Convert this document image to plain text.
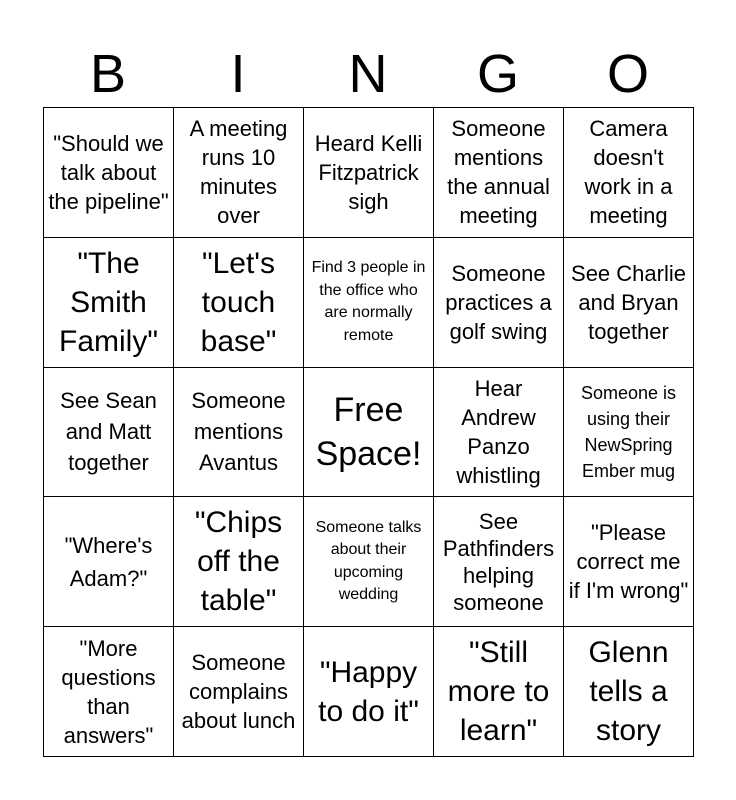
B	I	N	G	O
"Should we talk about the pipeline"	A meeting runs 10 minutes over	Heard Kelli Fitzpatrick sigh	Someone mentions the annual meeting	Camera doesn't work in a meeting

"The Smith Family"	"Let's touch base"	Find 3 people in the office who are normally remote	Someone practices a golf swing	See Charlie and Bryan together

See Sean and Matt together	Someone mentions Avantus	Free Space!	Hear Andrew Panzo whistling	Someone is using their NewSpring Ember mug

"Where's Adam?"	"Chips off the table"	Someone talks about their upcoming wedding	See Pathfinders helping someone	"Please correct me if I'm wrong"

"More questions than answers"	Someone complains about lunch	"Happy to do it"	"Still more to learn"	Glenn tells a story
